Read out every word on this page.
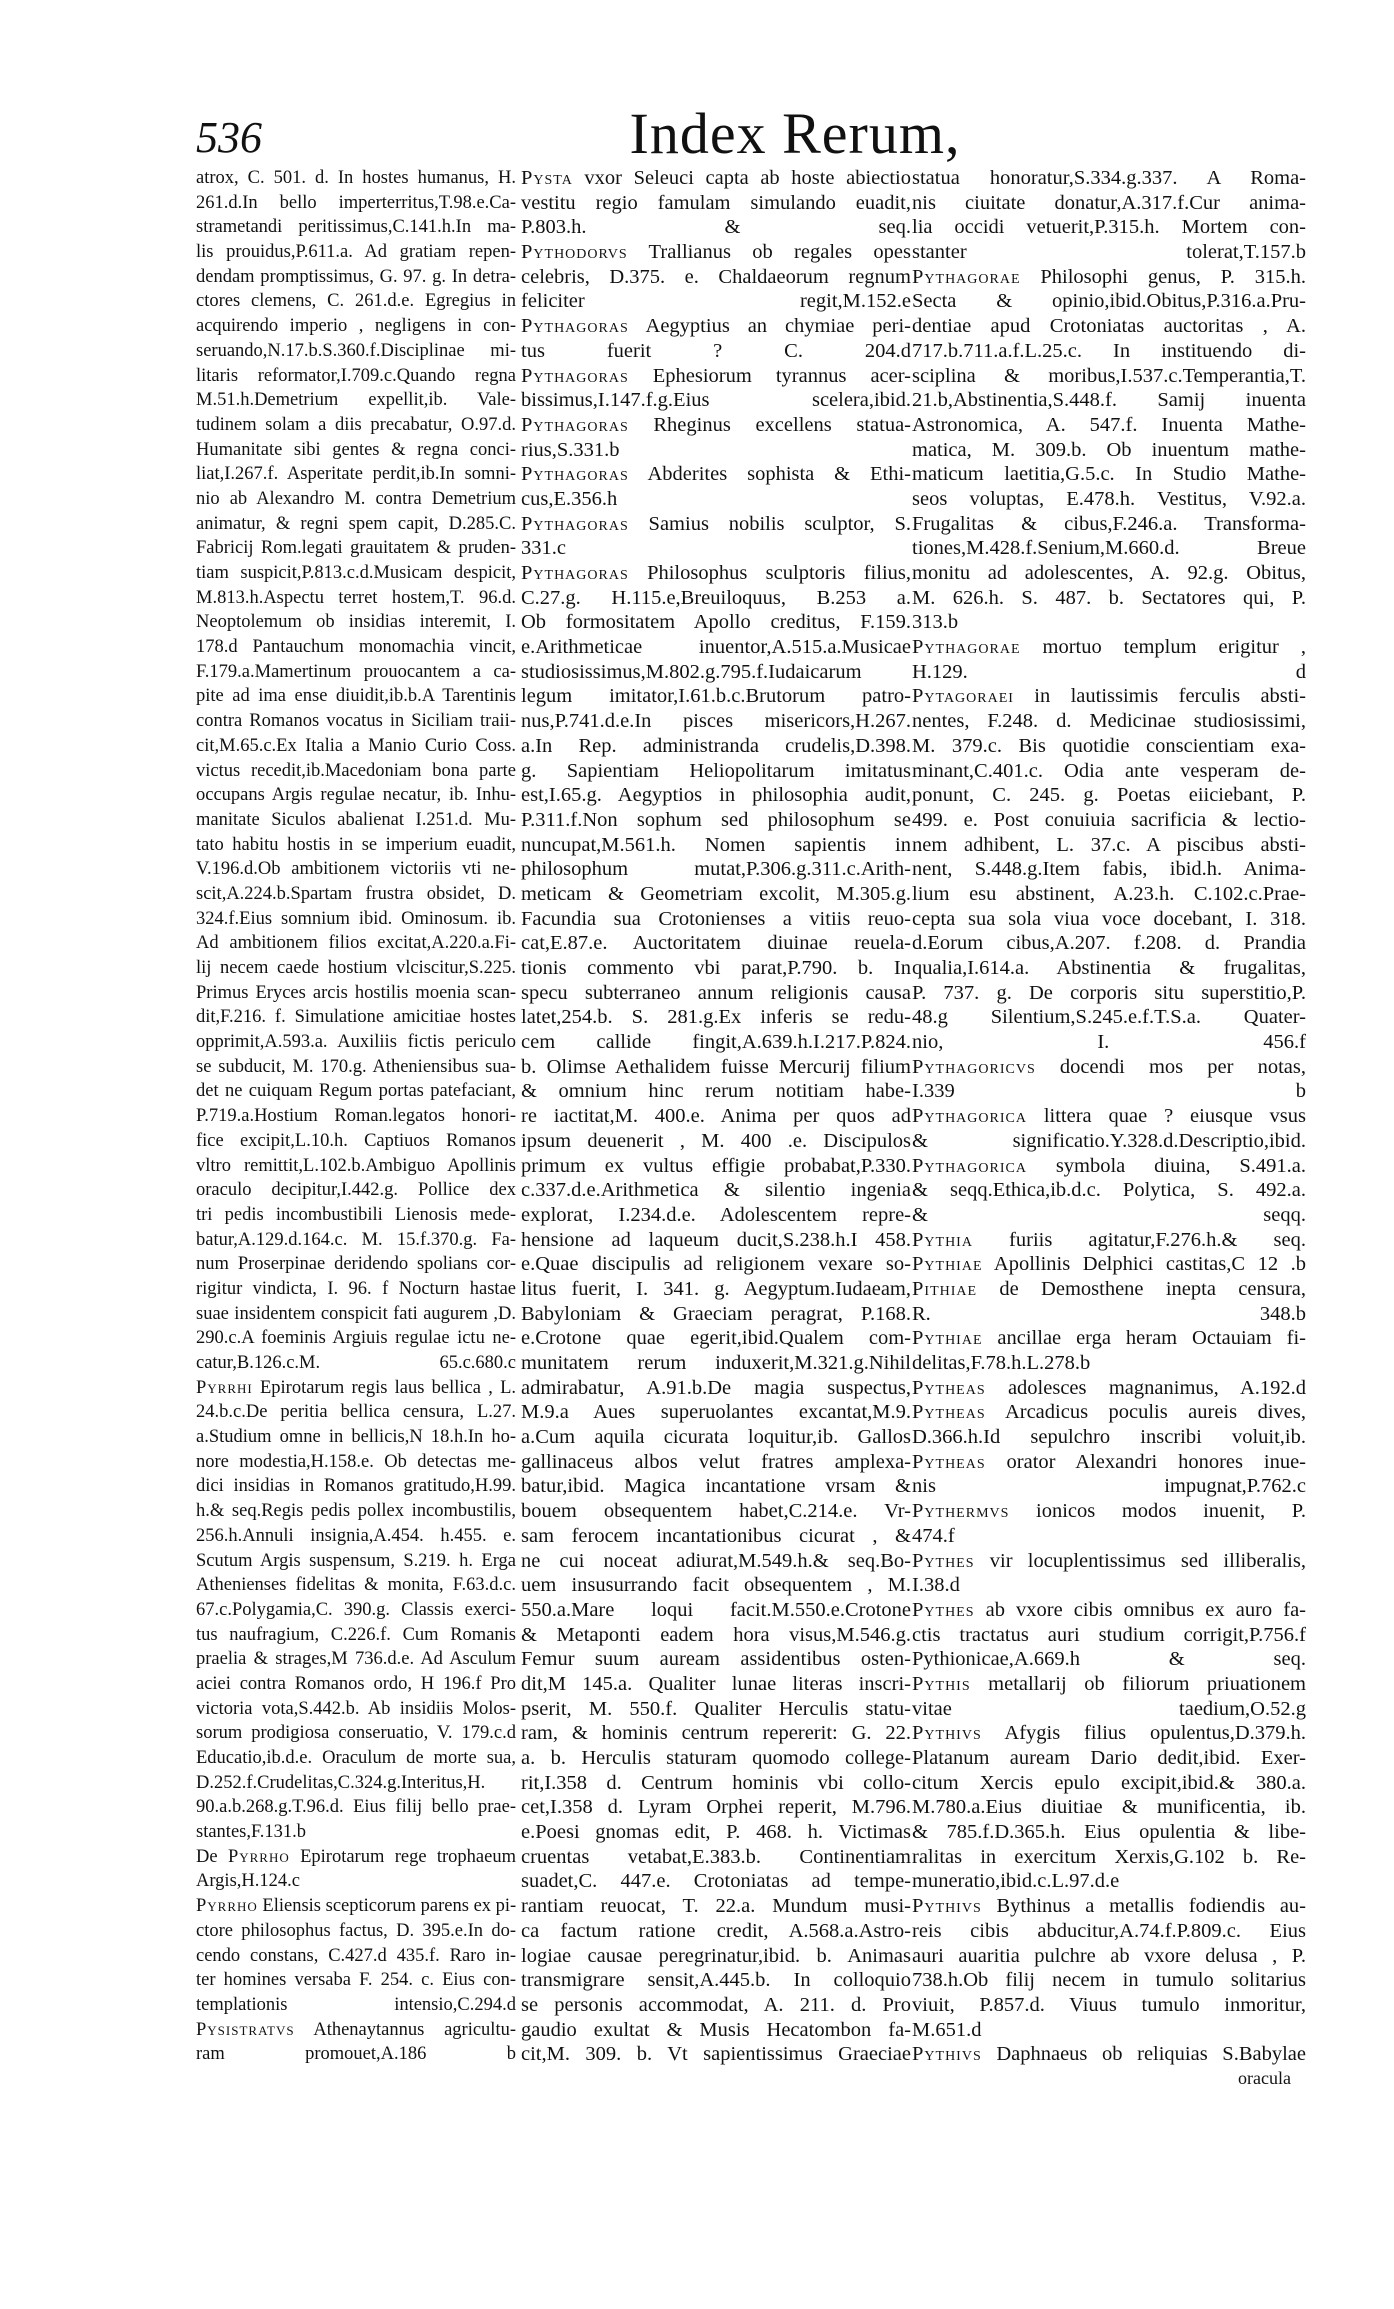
536	Index Rerum,
atrox, C. 501. d. In hostes humanus, H.
261.d.In bello imperterritus,T.98.e.Ca-
strametandi peritissimus,C.141.h.In ma-
lis prouidus,P.611.a. Ad gratiam repen-
dendam promptissimus, G. 97. g. In detra-
ctores clemens, C. 261.d.e. Egregius in
acquirendo imperio , negligens in con-
seruando,N.17.b.S.360.f.Disciplinae mi-
litaris reformator,I.709.c.Quando regna
M.51.h.Demetrium expellit,ib. Vale-
tudinem solam a diis precabatur, O.97.d.
Humanitate sibi gentes & regna conci-
liat,I.267.f. Asperitate perdit,ib.In somni-
nio ab Alexandro M. contra Demetrium
animatur, & regni spem capit, D.285.C.
Fabricij Rom.legati grauitatem & pruden-
tiam suspicit,P.813.c.d.Musicam despicit,
M.813.h.Aspectu terret hostem,T. 96.d.
Neoptolemum ob insidias interemit, I.
178.d Pantauchum monomachia vincit,
F.179.a.Mamertinum prouocantem a ca-
pite ad ima ense diuidit,ib.b.A Tarentinis
contra Romanos vocatus in Siciliam traii-
cit,M.65.c.Ex Italia a Manio Curio Coss.
victus recedit,ib.Macedoniam bona parte
occupans Argis regulae necatur, ib. Inhu-
manitate Siculos abalienat I.251.d. Mu-
tato habitu hostis in se imperium euadit,
V.196.d.Ob ambitionem victoriis vti ne-
scit,A.224.b.Spartam frustra obsidet, D.
324.f.Eius somnium ibid. Ominosum. ib.
Ad ambitionem filios excitat,A.220.a.Fi-
lij necem caede hostium vlciscitur,S.225.
Primus Eryces arcis hostilis moenia scan-
dit,F.216. f. Simulatione amicitiae hostes
opprimit,A.593.a. Auxiliis fictis periculo
se subducit, M. 170.g. Atheniensibus sua-
det ne cuiquam Regum portas patefaciant,
P.719.a.Hostium Roman.legatos honori-
fice excipit,L.10.h. Captiuos Romanos
vltro remittit,L.102.b.Ambiguo Apollinis
oraculo decipitur,I.442.g. Pollice dex
tri pedis incombustibili Lienosis mede-
batur,A.129.d.164.c. M. 15.f.370.g. Fa-
num Proserpinae deridendo spolians cor-
rigitur vindicta, I. 96. f Nocturn hastae
suae insidentem conspicit fati augurem ,D.
290.c.A foeminis Argiuis regulae ictu ne-
catur,B.126.c.M. 65.c.680.c
Pyrrhi Epirotarum regis laus bellica , L.
24.b.c.De peritia bellica censura, L.27.
a.Studium omne in bellicis,N 18.h.In ho-
nore modestia,H.158.e. Ob detectas me-
dici insidias in Romanos gratitudo,H.99.
h.& seq.Regis pedis pollex incombustilis,
256.h.Annuli insignia,A.454. h.455. e.
Scutum Argis suspensum, S.219. h. Erga
Athenienses fidelitas & monita, F.63.d.c.
67.c.Polygamia,C. 390.g. Classis exerci-
tus naufragium, C.226.f. Cum Romanis
praelia & strages,M 736.d.e. Ad Asculum
aciei contra Romanos ordo, H 196.f Pro
victoria vota,S.442.b. Ab insidiis Molos-
sorum prodigiosa conseruatio, V. 179.c.d
Educatio,ib.d.e. Oraculum de morte sua,
D.252.f.Crudelitas,C.324.g.Interitus,H.
90.a.b.268.g.T.96.d. Eius filij bello prae-
stantes,F.131.b
De Pyrrho Epirotarum rege trophaeum
Argis,H.124.c
Pyrrho Eliensis scepticorum parens ex pi-
ctore philosophus factus, D. 395.e.In do-
cendo constans, C.427.d 435.f. Raro in-
ter homines versaba F. 254. c. Eius con-
templationis intensio,C.294.d
Pysistratvs Athenaytannus agricultu-
ram promouet,A.186 b
Pysta vxor Seleuci capta ab hoste abiectio
vestitu regio famulam simulando euadit,
P.803.h. & seq.
Pythodorvs Trallianus ob regales opes
celebris, D.375. e. Chaldaeorum regnum
feliciter regit,M.152.e
Pythagoras Aegyptius an chymiae peri-
tus fuerit ? C. 204.d
Pythagoras Ephesiorum tyrannus acer-
bissimus,I.147.f.g.Eius scelera,ibid.
Pythagoras Rheginus excellens statua-
rius,S.331.b
Pythagoras Abderites sophista & Ethi-
cus,E.356.h
Pythagoras Samius nobilis sculptor, S.
331.c
Pythagoras Philosophus sculptoris filius,
C.27.g. H.115.e,Breuiloquus, B.253 a.
Ob formositatem Apollo creditus, F.159.
e.Arithmeticae inuentor,A.515.a.Musicae
studiosissimus,M.802.g.795.f.Iudaicarum
legum imitator,I.61.b.c.Brutorum patro-
nus,P.741.d.e.In pisces misericors,H.267.
a.In Rep. administranda crudelis,D.398.
g. Sapientiam Heliopolitarum imitatus
est,I.65.g. Aegyptios in philosophia audit,
P.311.f.Non sophum sed philosophum se
nuncupat,M.561.h. Nomen sapientis in
philosophum mutat,P.306.g.311.c.Arith-
meticam & Geometriam excolit, M.305.g.
Facundia sua Crotonienses a vitiis reuo-
cat,E.87.e. Auctoritatem diuinae reuela-
tionis commento vbi parat,P.790. b. In
specu subterraneo annum religionis causa
latet,254.b. S. 281.g.Ex inferis se redu-
cem callide fingit,A.639.h.I.217.P.824.
b. Olimse Aethalidem fuisse Mercurij filium
& omnium hinc rerum notitiam habe-
re iactitat,M. 400.e. Anima per quos ad
ipsum deuenerit , M. 400 .e. Discipulos
primum ex vultus effigie probabat,P.330.
c.337.d.e.Arithmetica & silentio ingenia
explorat, I.234.d.e. Adolescentem repre-
hensione ad laqueum ducit,S.238.h.I 458.
e.Quae discipulis ad religionem vexare so-
litus fuerit, I. 341. g. Aegyptum.Iudaeam,
Babyloniam & Graeciam peragrat, P.168.
e.Crotone quae egerit,ibid.Qualem com-
munitatem rerum induxerit,M.321.g.Nihil
admirabatur, A.91.b.De magia suspectus,
M.9.a Aues superuolantes excantat,M.9.
a.Cum aquila cicurata loquitur,ib. Gallos
gallinaceus albos velut fratres amplexa-
batur,ibid. Magica incantatione vrsam &
bouem obsequentem habet,C.214.e. Vr-
sam ferocem incantationibus cicurat , &
ne cui noceat adiurat,M.549.h.& seq.Bo-
uem insusurrando facit obsequentem , M.
550.a.Mare loqui facit.M.550.e.Crotone
& Metaponti eadem hora visus,M.546.g.
Femur suum auream assidentibus osten-
dit,M 145.a. Qualiter lunae literas inscri-
pserit, M. 550.f. Qualiter Herculis statu-
ram, & hominis centrum repererit: G. 22.
a. b. Herculis staturam quomodo college-
rit,I.358 d. Centrum hominis vbi collo-
cet,I.358 d. Lyram Orphei reperit, M.796.
e.Poesi gnomas edit, P. 468. h. Victimas
cruentas vetabat,E.383.b. Continentiam
suadet,C. 447.e. Crotoniatas ad tempe-
rantiam reuocat, T. 22.a. Mundum musi-
ca factum ratione credit, A.568.a.Astro-
logiae causae peregrinatur,ibid. b. Animas
transmigrare sensit,A.445.b. In colloquio
se personis accommodat, A. 211. d. Pro
gaudio exultat & Musis Hecatombon fa-
cit,M. 309. b. Vt sapientissimus Graeciae
statua honoratur,S.334.g.337. A Roma-
nis ciuitate donatur,A.317.f.Cur anima-
lia occidi vetuerit,P.315.h. Mortem con-
stanter tolerat,T.157.b
Pythagorae Philosophi genus, P. 315.h.
Secta & opinio,ibid.Obitus,P.316.a.Pru-
dentiae apud Crotoniatas auctoritas , A.
717.b.711.a.f.L.25.c. In instituendo di-
sciplina & moribus,I.537.c.Temperantia,T.
21.b,Abstinentia,S.448.f. Samij inuenta
Astronomica, A. 547.f. Inuenta Mathe-
matica, M. 309.b. Ob inuentum mathe-
maticum laetitia,G.5.c. In Studio Mathe-
seos voluptas, E.478.h. Vestitus, V.92.a.
Frugalitas & cibus,F.246.a. Transforma-
tiones,M.428.f.Senium,M.660.d. Breue
monitu ad adolescentes, A. 92.g. Obitus,
M. 626.h. S. 487. b. Sectatores qui, P.
313.b
Pythagorae mortuo templum erigitur ,
H.129. d
Pytagoraei in lautissimis ferculis absti-
nentes, F.248. d. Medicinae studiosissimi,
M. 379.c. Bis quotidie conscientiam exa-
minant,C.401.c. Odia ante vesperam de-
ponunt, C. 245. g. Poetas eiiciebant, P.
499. e. Post conuiuia sacrificia & lectio-
nem adhibent, L. 37.c. A piscibus absti-
nent, S.448.g.Item fabis, ibid.h. Anima-
lium esu abstinent, A.23.h. C.102.c.Prae-
cepta sua sola viua voce docebant, I. 318.
d.Eorum cibus,A.207. f.208. d. Prandia
qualia,I.614.a. Abstinentia & frugalitas,
P. 737. g. De corporis situ superstitio,P.
48.g Silentium,S.245.e.f.T.S.a. Quater-
nio, I. 456.f
Pythagoricvs docendi mos per notas,
I.339 b
Pythagorica littera quae ? eiusque vsus
& significatio.Y.328.d.Descriptio,ibid.
Pythagorica symbola diuina, S.491.a.
& seqq.Ethica,ib.d.c. Polytica, S. 492.a.
& seqq.
Pythia furiis agitatur,F.276.h.& seq.
Pythiae Apollinis Delphici castitas,C 12 .b
Pithiae de Demosthene inepta censura,
R. 348.b
Pythiae ancillae erga heram Octauiam fi-
delitas,F.78.h.L.278.b
Pytheas adolesces magnanimus, A.192.d
Pytheas Arcadicus poculis aureis dives,
D.366.h.Id sepulchro inscribi voluit,ib.
Pytheas orator Alexandri honores inue-
nis impugnat,P.762.c
Pythermvs ionicos modos inuenit, P.
474.f
Pythes vir locuplentissimus sed illiberalis,
I.38.d
Pythes ab vxore cibis omnibus ex auro fa-
ctis tractatus auri studium corrigit,P.756.f
Pythionicae,A.669.h & seq.
Pythis metallarij ob filiorum priuationem
vitae taedium,O.52.g
Pythivs Afygis filius opulentus,D.379.h.
Platanum auream Dario dedit,ibid. Exer-
citum Xercis epulo excipit,ibid.& 380.a.
M.780.a.Eius diuitiae & munificentia, ib.
& 785.f.D.365.h. Eius opulentia & libe-
ralitas in exercitum Xerxis,G.102 b. Re-
muneratio,ibid.c.L.97.d.e
Pythivs Bythinus a metallis fodiendis au-
reis cibis abducitur,A.74.f.P.809.c. Eius
auri auaritia pulchre ab vxore delusa , P.
738.h.Ob filij necem in tumulo solitarius
viuit, P.857.d. Viuus tumulo inmoritur,
M.651.d
Pythivs Daphnaeus ob reliquias S.Babylae
oracula
